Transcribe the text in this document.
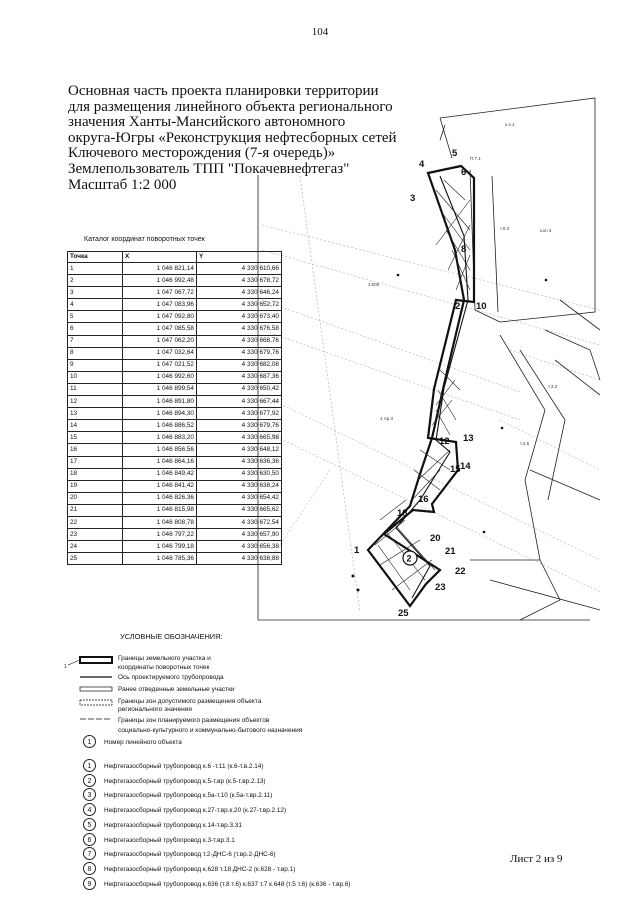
104
Основная часть проекта планировки территории
для размещения линейного объекта регионального
значения Ханты-Мансийского автономного
округа-Югры «Реконструкция нефтесборных сетей
Ключевого месторождения (7-я очередь)»
Землепользователь ТПП "Покачевнефтегаз"
Масштаб 1:2 000
1:000
к.4.1
к.кп 3
т.0.3
т.3.2
П.7.1
1 Ар.3
т.4.5
1
2
3
4
5
6
8
10
12 13
14
15
16
18
20
21
22
23
25
2
1
Каталог координат поворотных точек
Точка	X	Y
1	1 046 821,14	4 330 610,66
2	1 046 992,48	4 330 678,72
3	1 047 067,72	4 330 646,24
4	1 047 083,96	4 330 652,72
5	1 047 092,80	4 330 673,40
6	1 047 085,58	4 330 676,58
7	1 047 062,20	4 330 668,76
8	1 047 032,64	4 330 679,76
9	1 047 021,52	4 330 682,08
10	1 046 992,60	4 330 687,36
11	1 046 899,54	4 330 650,42
12	1 046 891,80	4 330 667,44
13	1 046 894,30	4 330 677,92
14	1 046 886,52	4 330 679,76
15	1 046 883,20	4 330 665,98
16	1 046 856,56	4 330 648,12
17	1 046 864,16	4 330 636,36
18	1 046 849,42	4 330 630,50
19	1 046 841,42	4 330 638,24
20	1 046 826,36	4 330 654,42
21	1 046 815,98	4 330 665,62
22	1 046 808,78	4 330 672,54
23	1 046 797,22	4 330 657,90
24	1 046 799,18	4 330 656,38
25	1 046 785,36	4 330 638,88
УСЛОВНЫЕ ОБОЗНАЧЕНИЯ:
Границы земельного участка и
координаты поворотных точек
Ось проектируемого трубопровода
Ранее отведенные земельные участки
Границы зон допустимого размещения объекта
регионального значения
Границы зон планируемого размещения объектов
социально-культурного и коммунально-бытового назначения
1	Номер линейного объекта
1	Нефтегазосборный трубопровод к.6 -т.11 (к.6-т.в.2.14)
2	Нефтегазосборный трубопровод к.5-т.вр (к.5-т.вр.2.13)
3	Нефтегазосборный трубопровод к.5а-т.10 (к.5а-т.вр.2.11)
4	Нефтегазосборный трубопровод к.27-т.вр.к.20 (к.27-т.вр.2.12)
5	Нефтегазосборный трубопровод к.14-т.вр.3.31
6	Нефтегазосборный трубопровод к.3-т.вр.3.1
7	Нефтегазосборный трубопровод т.2-ДНС-6 (т.вр.2-ДНС-6)
8	Нефтегазосборный трубопровод к.628 т.18 ДНС-2 (к.628 - т.вр.1)
9	Нефтегазосборный трубопровод к.636 (т.8 т.6) к.637 т.7 к.648 (т.5 т.6) (к.636 - т.вр.6)
Лист 2 из 9
